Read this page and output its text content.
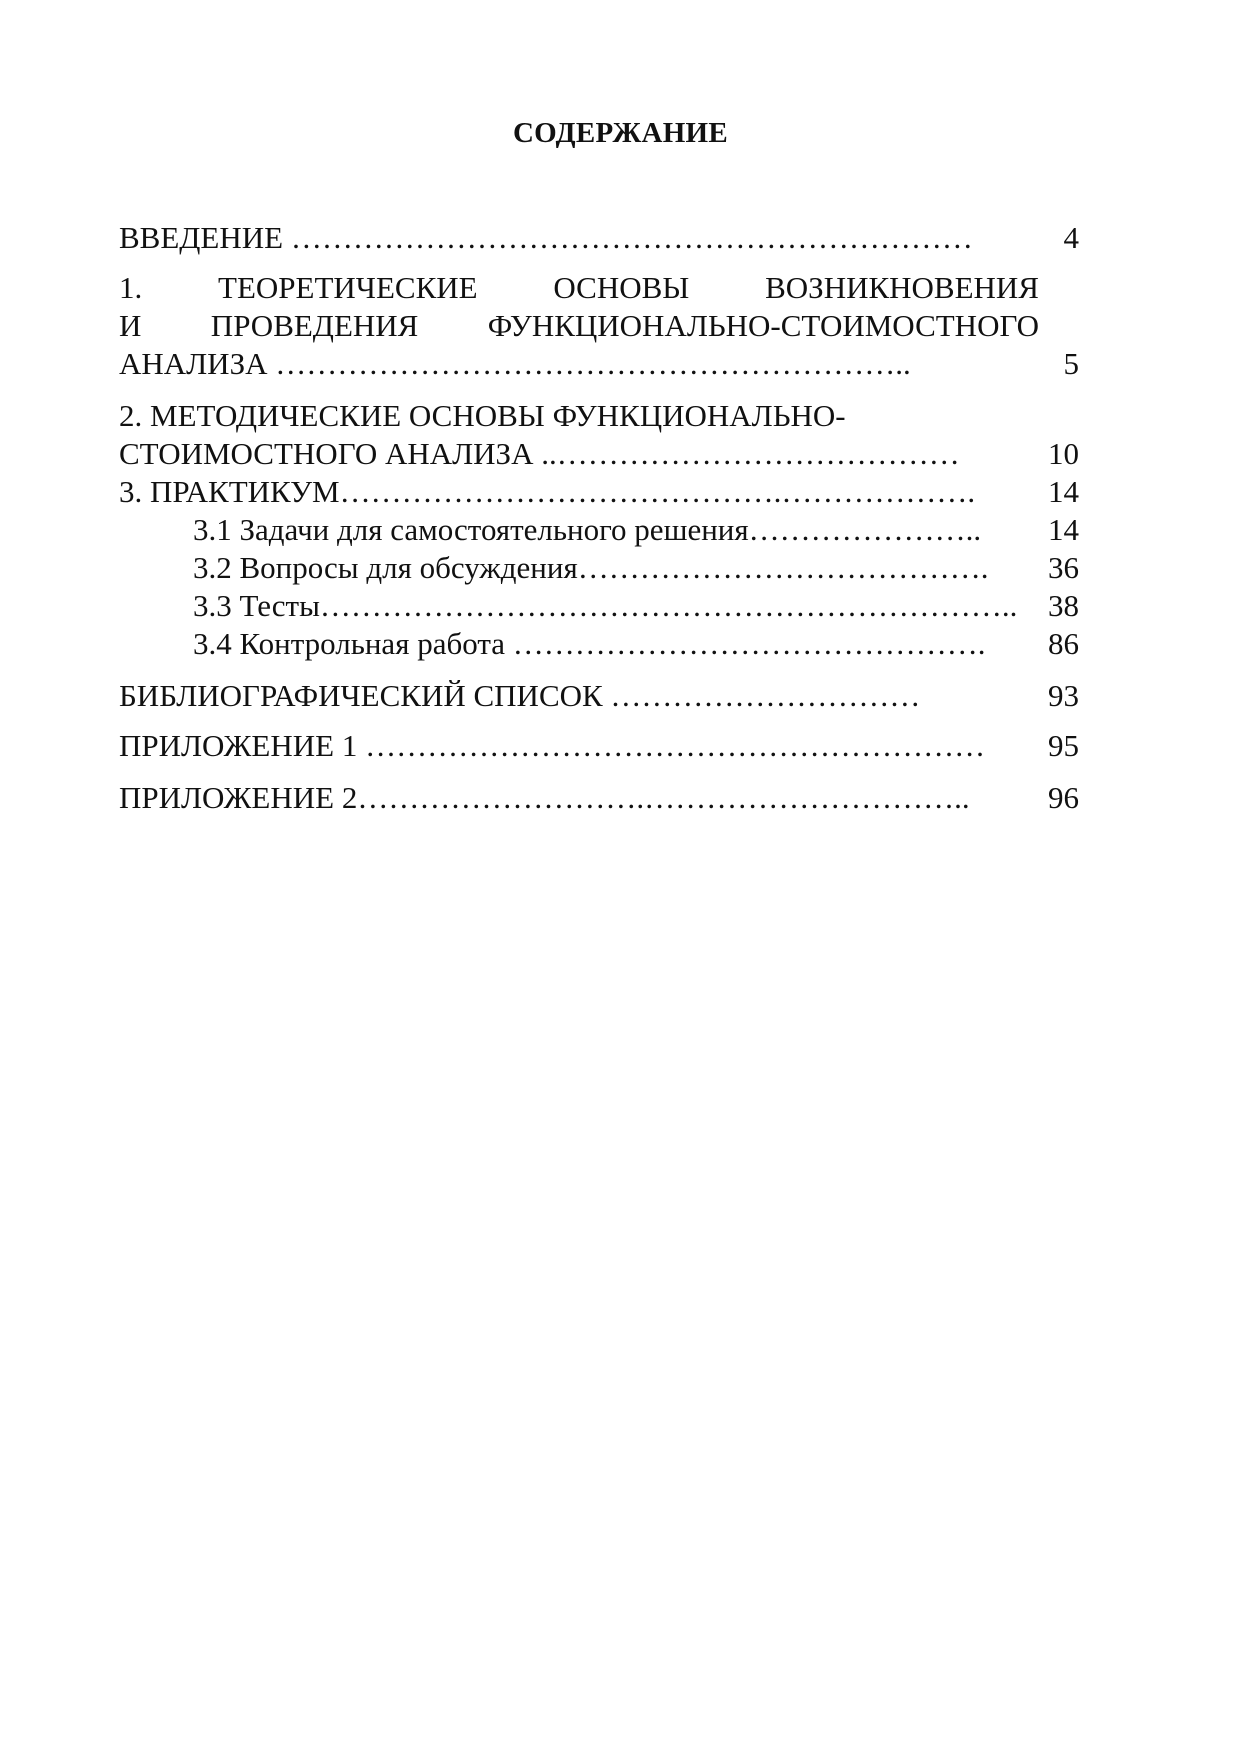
СОДЕРЖАНИЕ
ВВЕДЕНИЕ …………………………………………………………	4
1. ТЕОРЕТИЧЕСКИЕ ОСНОВЫ ВОЗНИКНОВЕНИЯ
И ПРОВЕДЕНИЯ ФУНКЦИОНАЛЬНО-СТОИМОСТНОГО
АНАЛИЗА ……………………………………………………..	5
2. МЕТОДИЧЕСКИЕ ОСНОВЫ ФУНКЦИОНАЛЬНО-
СТОИМОСТНОГО АНАЛИЗА ..…………………………………	10
3. ПРАКТИКУМ…………………………………….……………….	14
3.1 Задачи для самостоятельного решения…………………..	14
3.2 Вопросы для обсуждения………………………………….	36
3.3 Тесты………………………………………………………….. 38
3.4 Контрольная работа ……………………………………….	86
БИБЛИОГРАФИЧЕСКИЙ СПИСОК …………………………	93
ПРИЛОЖЕНИЕ 1 ……………………………………………………	95
ПРИЛОЖЕНИЕ 2……………………….…………………………..	96
